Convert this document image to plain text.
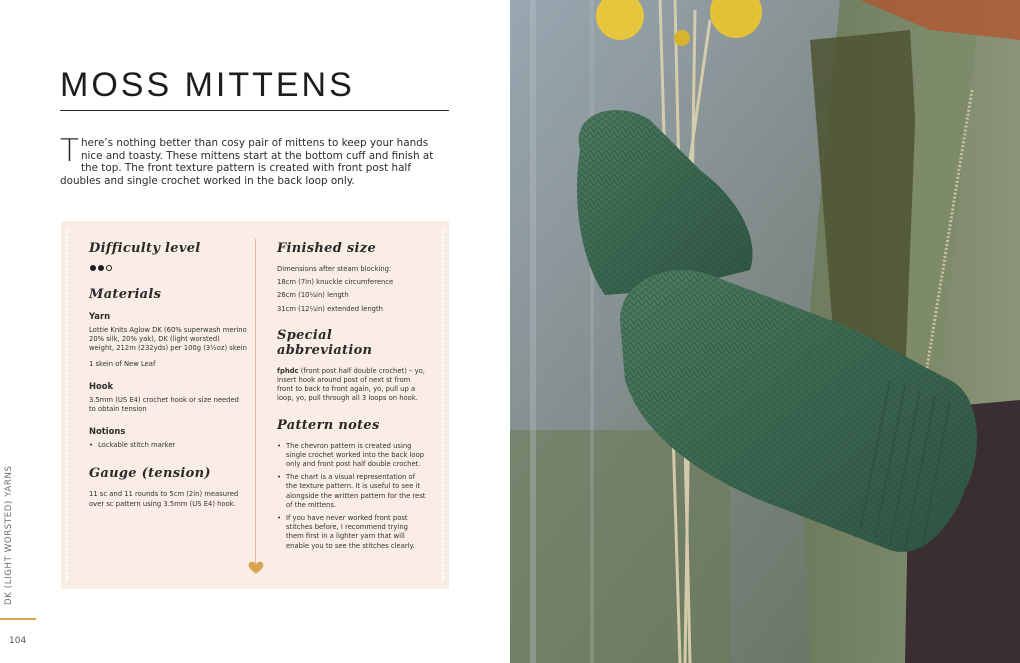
MOSS MITTENS

There’s nothing better than cosy pair of mittens to keep your hands nice and toasty. These mittens start at the bottom cuff and finish at the top. The front texture pattern is created with front post half doubles and single crochet worked in the back loop only.

Difficulty level
Materials

Yarn

Lottie Knits Aglow DK (60% superwash merino 20% silk, 20% yak), DK (light worsted) weight, 212m (232yds) per 100g (3½oz) skein

1 skein of New Leaf

Hook

3.5mm (US E4) crochet hook or size needed to obtain tension

Notions

• Lockable stitch marker
Gauge (tension)

11 sc and 11 rounds to 5cm (2in) measured over sc pattern using 3.5mm (US E4) hook.

Finished size

Dimensions after steam blocking:

18cm (7in) knuckle circumference

26cm (10¼in) length

31cm (12¼in) extended length

Special abbreviation

fphdc (front post half double crochet) – yo, insert hook around post of next st from front to back to front again, yo, pull up a loop, yo, pull through all 3 loops on hook.

Pattern notes
• The chevron pattern is created using single crochet worked into the back loop only and front post half double crochet.
• The chart is a visual representation of the texture pattern. It is useful to see it alongside the written pattern for the rest of the mittens.
• If you have never worked front post stitches before, I recommend trying them first in a lighter yarn that will enable you to see the stitches clearly.
DK (LIGHT WORSTED) YARNS
104
